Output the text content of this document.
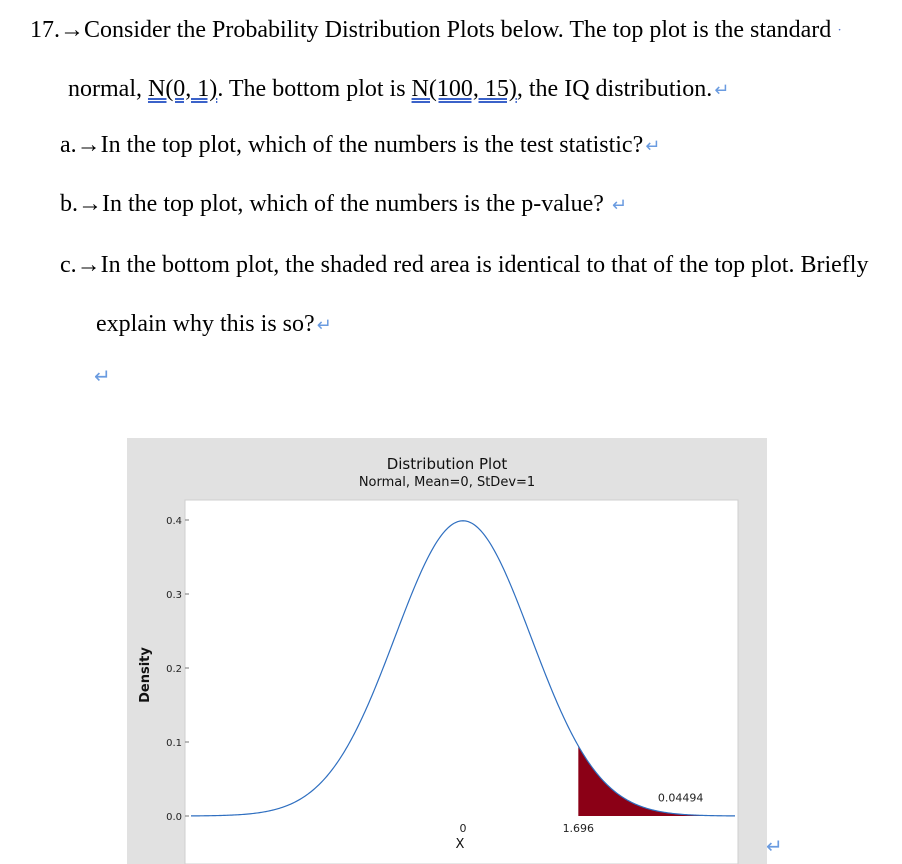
17.→Consider the Probability Distribution Plots below. The top plot is the standard ·
normal, N(0, 1). The bottom plot is N(100, 15), the IQ distribution. ↵
a.→In the top plot, which of the numbers is the test statistic? ↵
b.→In the top plot, which of the numbers is the p-value? ↵
c.→In the bottom plot, the shaded red area is identical to that of the top plot. Briefly
explain why this is so? ↵
↵
Distribution Plot
Normal, Mean=0, StDev=1
Density
X
0.0
0.1
0.2
0.3
0.4
0	1.696
0.04494
↵
